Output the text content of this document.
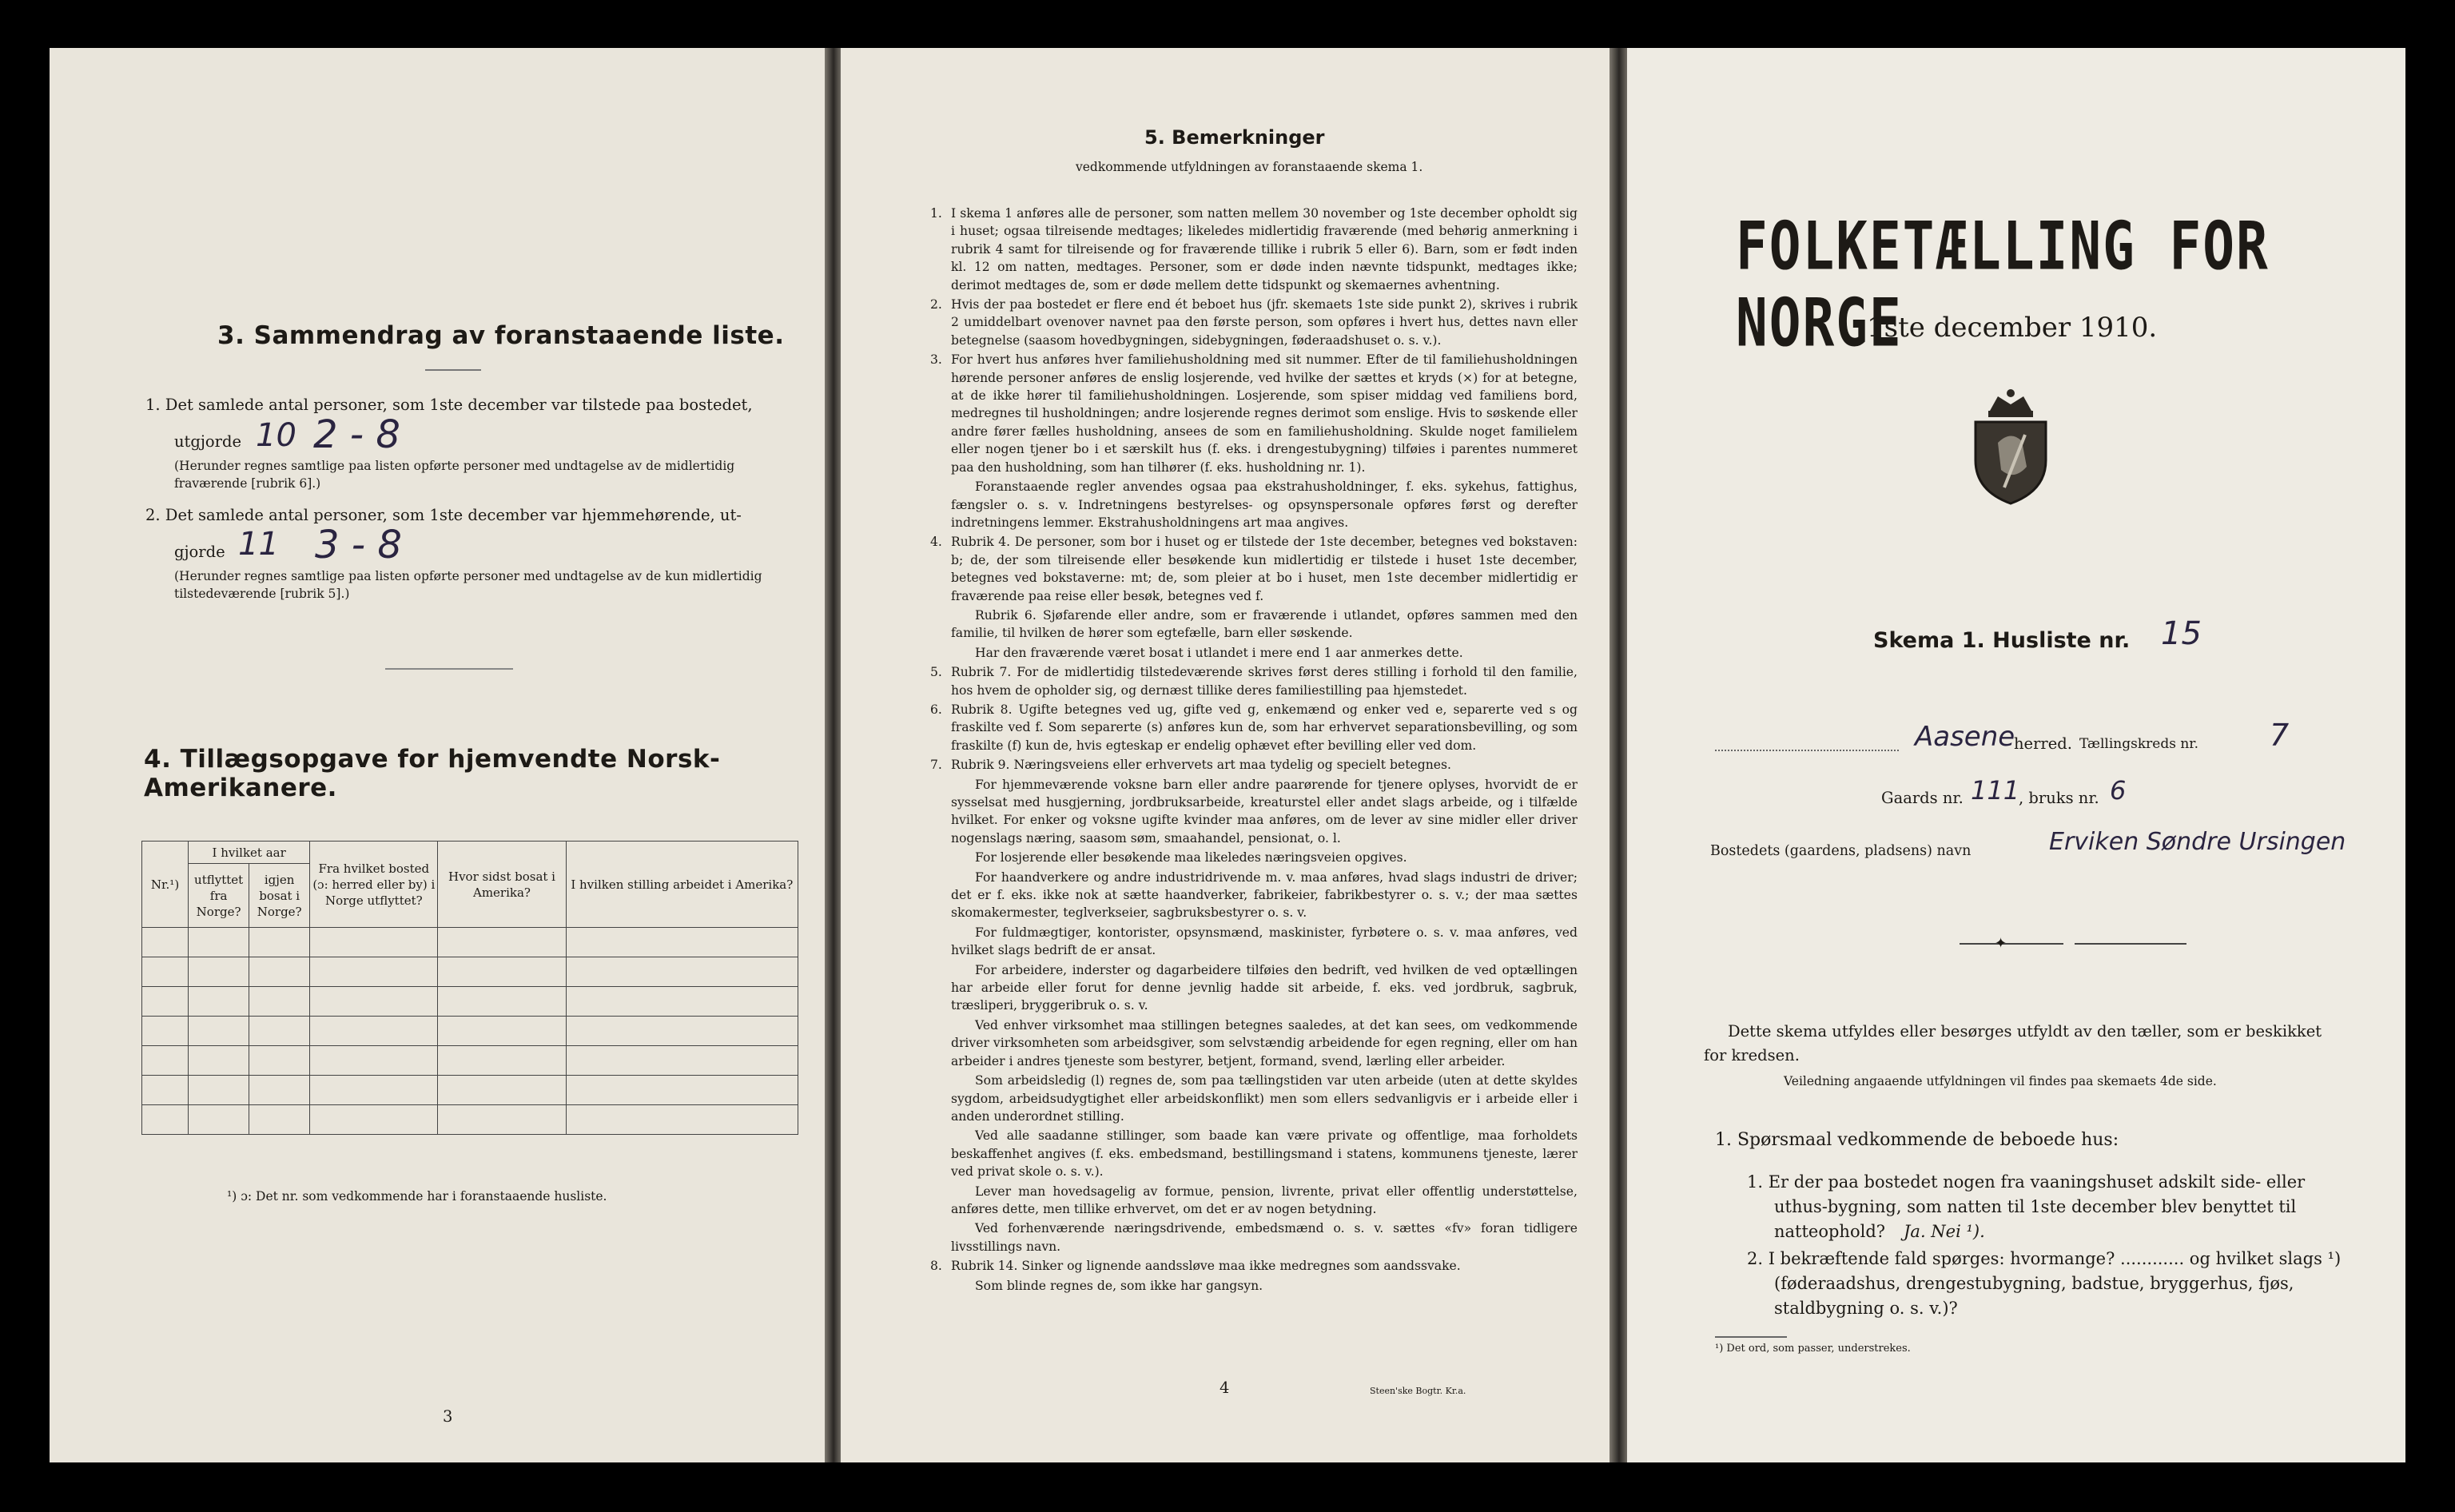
3. Sammendrag av foranstaaende liste.
1. Det samlede antal personer, som 1ste december var tilstede paa bostedet,
utgjorde 10 2 - 8
(Herunder regnes samtlige paa listen opførte personer med undtagelse av de midlertidig fraværende [rubrik 6].)
2. Det samlede antal personer, som 1ste december var hjemmehørende, ut-
gjorde 11 3 - 8
(Herunder regnes samtlige paa listen opførte personer med undtagelse av de kun midlertidig tilstedeværende [rubrik 5].)
4. Tillægsopgave for hjemvendte Norsk-Amerikanere.
Nr.¹)	I hvilket aar		Fra hvilket bosted (ɔ: herred eller by) i Norge utflyttet?	Hvor sidst bosat i Amerika?	I hvilken stilling arbeidet i Amerika?
	utflyttet fra Norge?	igjen bosat i Norge?			

¹) ɔ: Det nr. som vedkommende har i foranstaaende husliste.
3
5. Bemerkninger
vedkommende utfyldningen av foranstaaende skema 1.

1. I skema 1 anføres alle de personer, som natten mellem 30 november og 1ste december opholdt sig i huset; ogsaa tilreisende medtages; likeledes midlertidig fraværende (med behørig anmerkning i rubrik 4 samt for tilreisende og for fraværende tillike i rubrik 5 eller 6). Barn, som er født inden kl. 12 om natten, medtages. Personer, som er døde inden nævnte tidspunkt, medtages ikke; derimot medtages de, som er døde mellem dette tidspunkt og skemaernes avhentning.

2. Hvis der paa bostedet er flere end ét beboet hus (jfr. skemaets 1ste side punkt 2), skrives i rubrik 2 umiddelbart ovenover navnet paa den første person, som opføres i hvert hus, dettes navn eller betegnelse (saasom hovedbygningen, sidebygningen, føderaadshuset o. s. v.).

3. For hvert hus anføres hver familiehusholdning med sit nummer. Efter de til familiehusholdningen hørende personer anføres de enslig losjerende, ved hvilke der sættes et kryds (×) for at betegne, at de ikke hører til familiehusholdningen. Losjerende, som spiser middag ved familiens bord, medregnes til husholdningen; andre losjerende regnes derimot som enslige. Hvis to søskende eller andre fører fælles husholdning, ansees de som en familiehusholdning. Skulde noget familielem eller nogen tjener bo i et særskilt hus (f. eks. i drengestubygning) tilføies i parentes nummeret paa den husholdning, som han tilhører (f. eks. husholdning nr. 1).

Foranstaaende regler anvendes ogsaa paa ekstrahusholdninger, f. eks. sykehus, fattighus, fængsler o. s. v. Indretningens bestyrelses- og opsynspersonale opføres først og derefter indretningens lemmer. Ekstrahusholdningens art maa angives.

4. Rubrik 4. De personer, som bor i huset og er tilstede der 1ste december, betegnes ved bokstaven: b; de, der som tilreisende eller besøkende kun midlertidig er tilstede i huset 1ste december, betegnes ved bokstaverne: mt; de, som pleier at bo i huset, men 1ste december midlertidig er fraværende paa reise eller besøk, betegnes ved f.

Rubrik 6. Sjøfarende eller andre, som er fraværende i utlandet, opføres sammen med den familie, til hvilken de hører som egtefælle, barn eller søskende.

Har den fraværende været bosat i utlandet i mere end 1 aar anmerkes dette.

5. Rubrik 7. For de midlertidig tilstedeværende skrives først deres stilling i forhold til den familie, hos hvem de opholder sig, og dernæst tillike deres familiestilling paa hjemstedet.

6. Rubrik 8. Ugifte betegnes ved ug, gifte ved g, enkemænd og enker ved e, separerte ved s og fraskilte ved f. Som separerte (s) anføres kun de, som har erhvervet separationsbevilling, og som fraskilte (f) kun de, hvis egteskap er endelig ophævet efter bevilling eller ved dom.

7. Rubrik 9. Næringsveiens eller erhvervets art maa tydelig og specielt betegnes.

For hjemmeværende voksne barn eller andre paarørende for tjenere oplyses, hvorvidt de er sysselsat med husgjerning, jordbruksarbeide, kreaturstel eller andet slags arbeide, og i tilfælde hvilket. For enker og voksne ugifte kvinder maa anføres, om de lever av sine midler eller driver nogenslags næring, saasom søm, smaahandel, pensionat, o. l.

For losjerende eller besøkende maa likeledes næringsveien opgives.

For haandverkere og andre industridrivende m. v. maa anføres, hvad slags industri de driver; det er f. eks. ikke nok at sætte haandverker, fabrikeier, fabrikbestyrer o. s. v.; der maa sættes skomakermester, teglverkseier, sagbruksbestyrer o. s. v.

For fuldmægtiger, kontorister, opsynsmænd, maskinister, fyrbøtere o. s. v. maa anføres, ved hvilket slags bedrift de er ansat.

For arbeidere, inderster og dagarbeidere tilføies den bedrift, ved hvilken de ved optællingen har arbeide eller forut for denne jevnlig hadde sit arbeide, f. eks. ved jordbruk, sagbruk, træsliperi, bryggeribruk o. s. v.

Ved enhver virksomhet maa stillingen betegnes saaledes, at det kan sees, om vedkommende driver virksomheten som arbeidsgiver, som selvstændig arbeidende for egen regning, eller om han arbeider i andres tjeneste som bestyrer, betjent, formand, svend, lærling eller arbeider.

Som arbeidsledig (l) regnes de, som paa tællingstiden var uten arbeide (uten at dette skyldes sygdom, arbeidsudygtighet eller arbeidskonflikt) men som ellers sedvanligvis er i arbeide eller i anden underordnet stilling.

Ved alle saadanne stillinger, som baade kan være private og offentlige, maa forholdets beskaffenhet angives (f. eks. embedsmand, bestillingsmand i statens, kommunens tjeneste, lærer ved privat skole o. s. v.).

Lever man hovedsagelig av formue, pension, livrente, privat eller offentlig understøttelse, anføres dette, men tillike erhvervet, om det er av nogen betydning.

Ved forhenværende næringsdrivende, embedsmænd o. s. v. sættes «fv» foran tidligere livsstillings navn.

8. Rubrik 14. Sinker og lignende aandssløve maa ikke medregnes som aandssvake.

Som blinde regnes de, som ikke har gangsyn.

4	Steen'ske Bogtr. Kr.a.
FOLKETÆLLING FOR NORGE
1ste december 1910.
Skema 1. Husliste nr. 15
Aasene
herred. Tællingskreds nr. 7
Gaards nr. 111
, bruks nr. 6
Bostedets (gaardens, pladsens) navn	Erviken Søndre Ursingen
✦
Dette skema utfyldes eller besørges utfyldt av den tæller, som er beskikket for kredsen.
Veiledning angaaende utfyldningen vil findes paa skemaets 4de side.
1. Spørsmaal vedkommende de beboede hus:
1. Er der paa bostedet nogen fra vaaningshuset adskilt side- eller uthus-bygning, som natten til 1ste december blev benyttet til natteophold?	Ja. Nei ¹).
2. I bekræftende fald spørges: hvormange? ............ og hvilket slags ¹) (føderaadshus, drengestubygning, badstue, bryggerhus, fjøs, staldbygning o. s. v.)?
¹) Det ord, som passer, understrekes.
